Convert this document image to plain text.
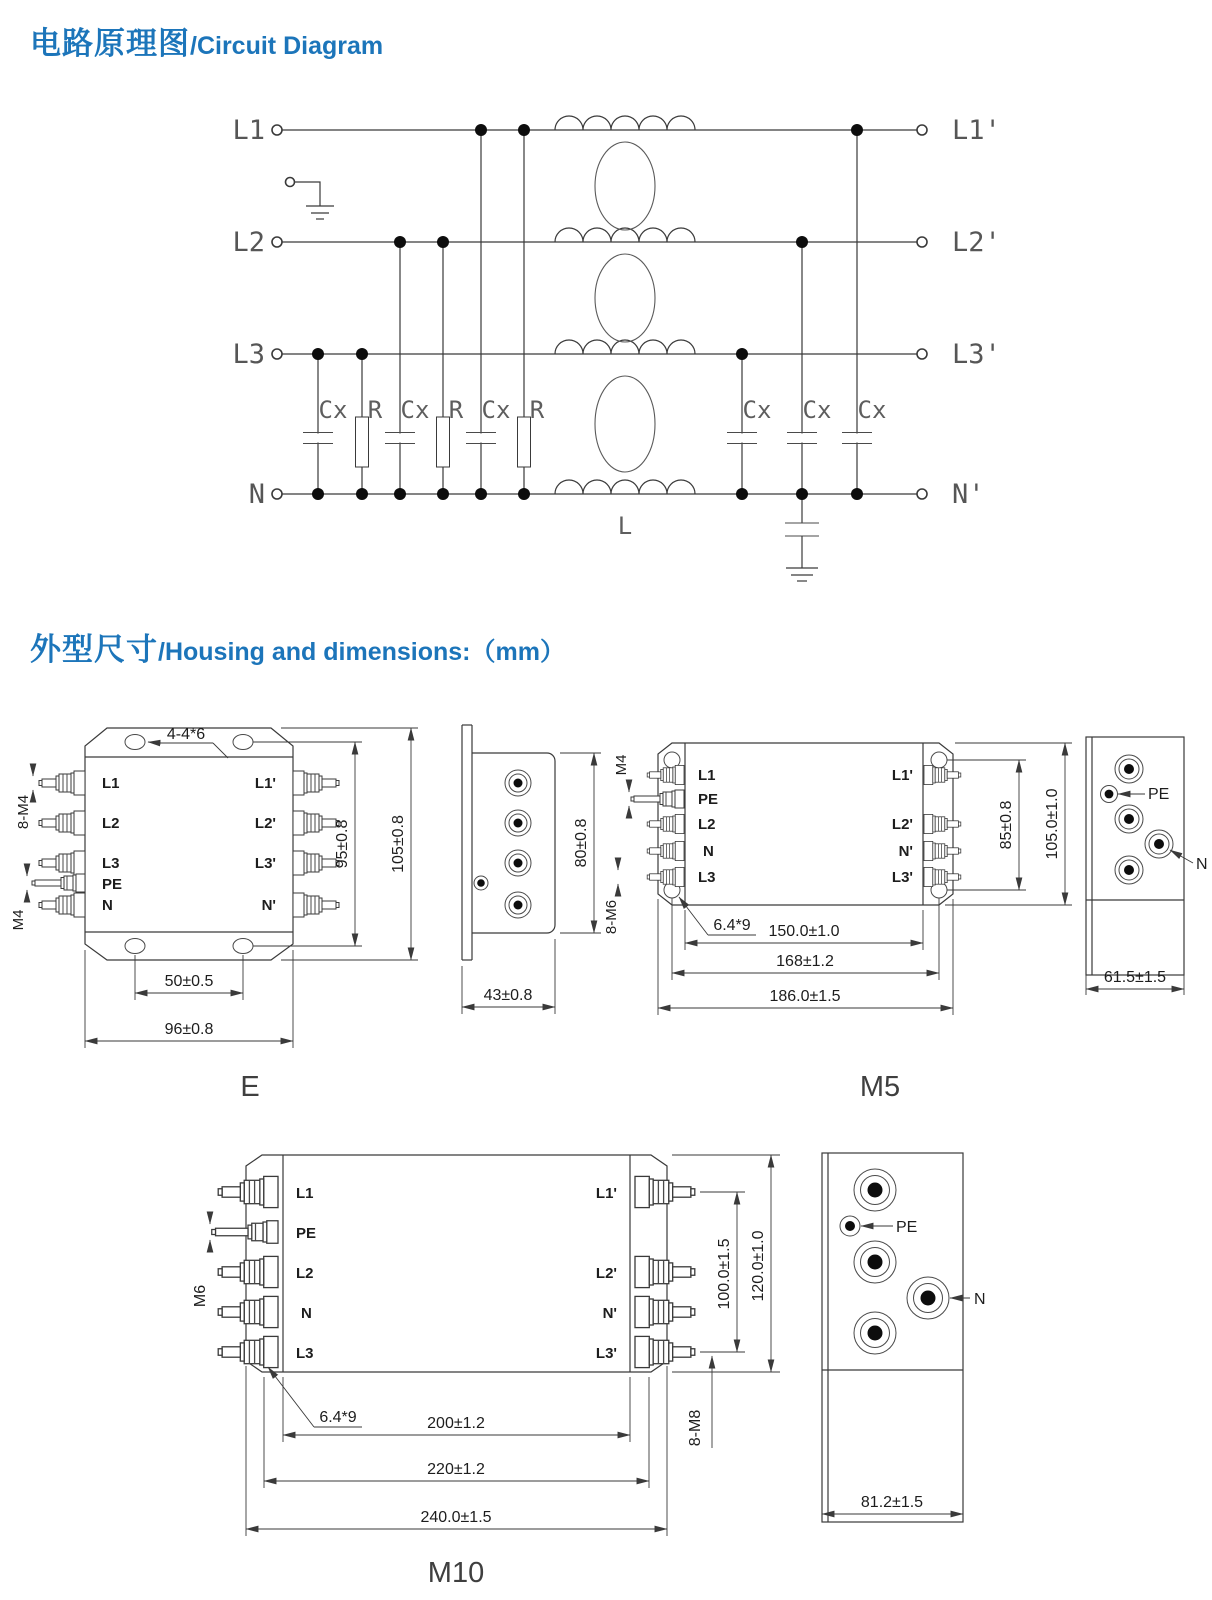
电路原理图/Circuit Diagram
外型尺寸/Housing and dimensions:（mm）
L1
L2
L3
N
L1'
L2'
L3'
N'
Cx R Cx R Cx R	Cx Cx Cx
L
L1
L2
L3
PE
N
L1'
L2'
L3'
N'
4-4*6
8-M4
M4
95±0.8 105±0.8
50±0.5
96±0.8
E
80±0.8
43±0.8
L1
PE
L2
N
L3
L1'
L2'
N'
L3'
M4
8-M6	6.4*9 150.0±1.0
168±1.2
186.0±1.5
85±0.8 105.0±1.0
M5
PE
N
61.5±1.5
L1
PE
L2
N
L3
L1'
L2'
N'
L3'
M6
8-M8
6.4*9
100.0±1.5 120.0±1.0
200±1.2
220±1.2
240.0±1.5
M10
PE
N
81.2±1.5
